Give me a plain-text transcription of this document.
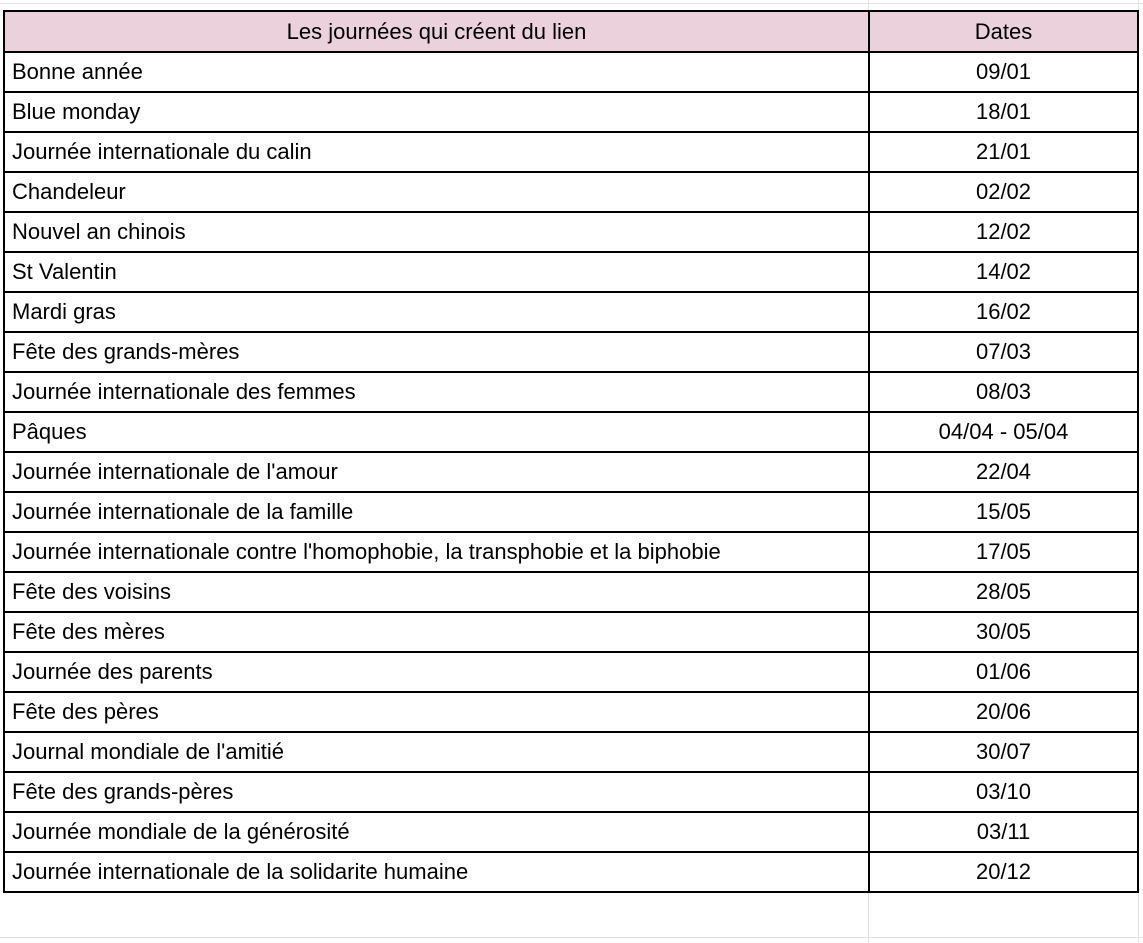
Les journées qui créent du lien	Dates
Bonne année	09/01
Blue monday	18/01
Journée internationale du calin	21/01
Chandeleur	02/02
Nouvel an chinois	12/02
St Valentin	14/02
Mardi gras	16/02
Fête des grands-mères	07/03
Journée internationale des femmes	08/03
Pâques	04/04 - 05/04
Journée internationale de l'amour	22/04
Journée internationale de la famille	15/05
Journée internationale contre l'homophobie, la transphobie et la biphobie	17/05
Fête des voisins	28/05
Fête des mères	30/05
Journée des parents	01/06
Fête des pères	20/06
Journal mondiale de l'amitié	30/07
Fête des grands-pères	03/10
Journée mondiale de la générosité	03/11
Journée internationale de la solidarite humaine	20/12
